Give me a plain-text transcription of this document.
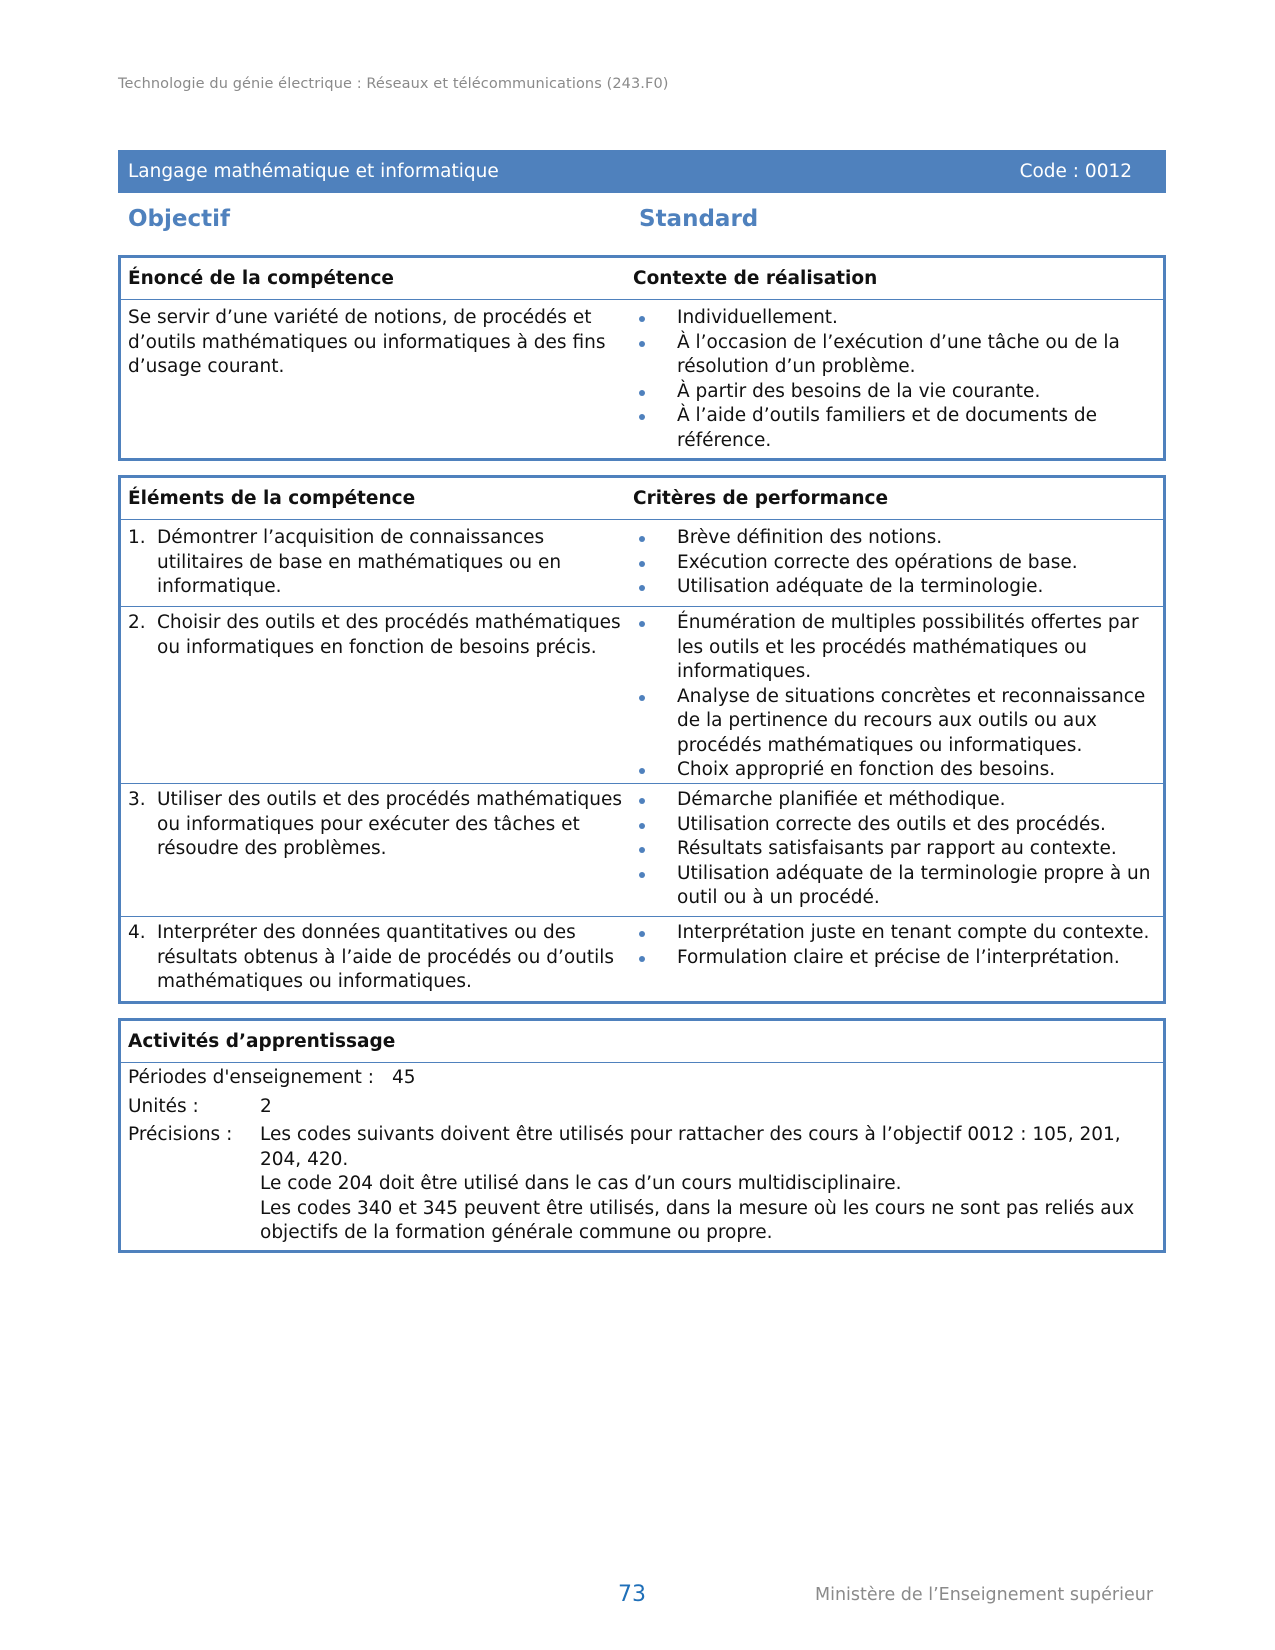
Technologie du génie électrique : Réseaux et télécommunications (243.F0)
Langage mathématique et informatique	Code : 0012
Objectif	Standard
Énoncé de la compétence	Contexte de réalisation
Se servir d’une variété de notions, de procédés et d’outils mathématiques ou informatiques à des fins d’usage courant.
Individuellement.
À l’occasion de l’exécution d’une tâche ou de la résolution d’un problème.
À partir des besoins de la vie courante.
À l’aide d’outils familiers et de documents de référence.
Éléments de la compétence	Critères de performance
1. Démontrer l’acquisition de connaissances utilitaires de base en mathématiques ou en informatique.
Brève définition des notions.
Exécution correcte des opérations de base.
Utilisation adéquate de la terminologie.
2. Choisir des outils et des procédés mathématiques ou informatiques en fonction de besoins précis.
Énumération de multiples possibilités offertes par les outils et les procédés mathématiques ou informatiques.
Analyse de situations concrètes et reconnaissance de la pertinence du recours aux outils ou aux procédés mathématiques ou informatiques.
Choix approprié en fonction des besoins.
3. Utiliser des outils et des procédés mathématiques ou informatiques pour exécuter des tâches et résoudre des problèmes.
Démarche planifiée et méthodique.
Utilisation correcte des outils et des procédés.
Résultats satisfaisants par rapport au contexte.
Utilisation adéquate de la terminologie propre à un outil ou à un procédé.
4. Interpréter des données quantitatives ou des résultats obtenus à l’aide de procédés ou d’outils mathématiques ou informatiques.
Interprétation juste en tenant compte du contexte.
Formulation claire et précise de l’interprétation.
Activités d’apprentissage
Périodes d'enseignement : 45
Unités :	2
Précisions :	Les codes suivants doivent être utilisés pour rattacher des cours à l’objectif 0012 : 105, 201, 204, 420.

Le code 204 doit être utilisé dans le cas d’un cours multidisciplinaire.

Les codes 340 et 345 peuvent être utilisés, dans la mesure où les cours ne sont pas reliés aux objectifs de la formation générale commune ou propre.

73	Ministère de l’Enseignement supérieur
